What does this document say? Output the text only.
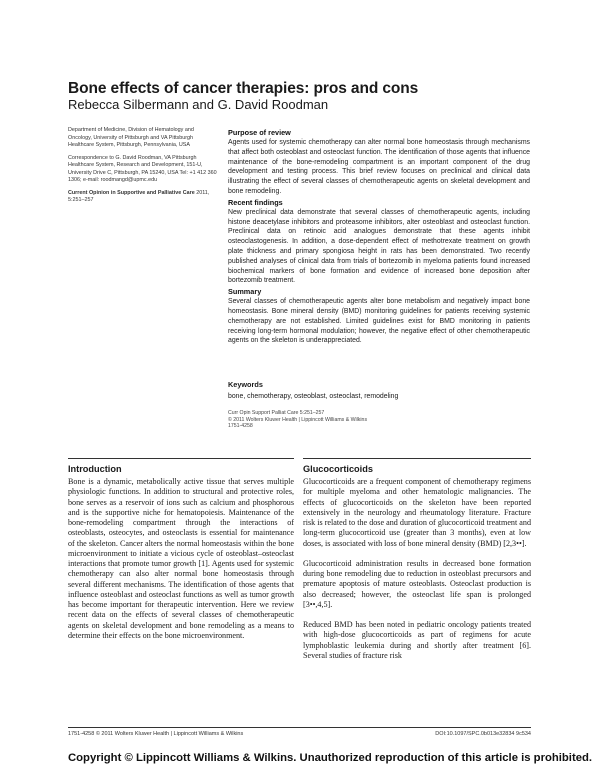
Bone effects of cancer therapies: pros and cons
Rebecca Silbermann and G. David Roodman

Department of Medicine, Division of Hematology and Oncology, University of Pittsburgh and VA Pittsburgh Healthcare System, Pittsburgh, Pennsylvania, USA

Correspondence to G. David Roodman, VA Pittsburgh Healthcare System, Research and Development, 151-U, University Drive C, Pittsburgh, PA 15240, USA Tel: +1 412 360 1306; e-mail: roodmangd@upmc.edu

Current Opinion in Supportive and Palliative Care 2011, 5:251–257

Purpose of review

Agents used for systemic chemotherapy can alter normal bone homeostasis through mechanisms that affect both osteoblast and osteoclast function. The identification of those agents that influence maintenance of the bone-remodeling compartment is an important component of the drug development and testing process. This brief review focuses on preclinical and clinical data illustrating the effect of several classes of chemotherapeutic agents on skeletal development and bone remodeling.

Recent findings

New preclinical data demonstrate that several classes of chemotherapeutic agents, including histone deacetylase inhibitors and proteasome inhibitors, alter osteoblast and osteoclast function. Preclinical data on retinoic acid analogues demonstrate that these agents inhibit osteoclastogenesis. In addition, a dose-dependent effect of methotrexate treatment on growth plate thickness and primary spongiosa height in rats has been demonstrated. Two recently published analyses of clinical data from trials of bortezomib in myeloma patients found increased biochemical markers of bone formation and evidence of increased bone deposition after bortezomib treatment.

Summary

Several classes of chemotherapeutic agents alter bone metabolism and negatively impact bone homeostasis. Bone mineral density (BMD) monitoring guidelines for patients receiving systemic chemotherapy are not established. Limited guidelines exist for BMD monitoring in patients receiving long-term hormonal modulation; however, the negative effect of other chemotherapeutic agents on the skeleton is underappreciated.

Keywords
bone, chemotherapy, osteoblast, osteoclast, remodeling
Curr Opin Support Palliat Care 5:251–257
© 2011 Wolters Kluwer Health | Lippincott Williams & Wilkins
1751-4258
Introduction	Glucocorticoids
Bone is a dynamic, metabolically active tissue that serves multiple physiologic functions. In addition to structural and protective roles, bone serves as a reservoir of ions such as calcium and phosphorous and is the supportive niche for hematopoiesis. Maintenance of the bone-remodeling compartment through the interactions of osteoblasts, osteocytes, and osteoclasts is essential for maintenance of the skeleton. Cancer alters the normal homeostasis within the bone microenvironment to initiate a vicious cycle of osteoblast–osteoclast interactions that promote tumor growth [1]. Agents used for systemic chemotherapy can also alter normal bone homeostasis through several different mechanisms. The identification of those agents that influence osteoblast and osteoclast functions as well as tumor growth has become important for therapeutic intervention. Here we review recent data on the effects of several classes of chemotherapeutic agents on skeletal development and bone remodeling as a means to determine their effects on the bone microenvironment.

Glucocorticoids are a frequent component of chemotherapy regimens for multiple myeloma and other hematologic malignancies. The effects of glucocorticoids on the skeleton have been reported extensively in the neurology and rheumatology literature. Fracture risk is related to the dose and duration of glucocorticoid treatment and long-term glucocorticoid use (greater than 3 months), even at low doses, is associated with loss of bone mineral density (BMD) [2,3••].

Glucocorticoid administration results in decreased bone formation during bone remodeling due to reduction in osteoblast precursors and premature apoptosis of mature osteoblasts. Osteoclast production is also decreased; however, the osteoclast life span is prolonged [3••,4,5].

Reduced BMD has been noted in pediatric oncology patients treated with high-dose glucocorticoids as part of regimens for acute lymphoblastic leukemia during and shortly after treatment [6]. Several studies of fracture risk

1751-4258 © 2011 Wolters Kluwer Health | Lippincott Williams & Wilkins	DOI:10.1097/SPC.0b013e32834 9c534
Copyright © Lippincott Williams & Wilkins. Unauthorized reproduction of this article is prohibited.
